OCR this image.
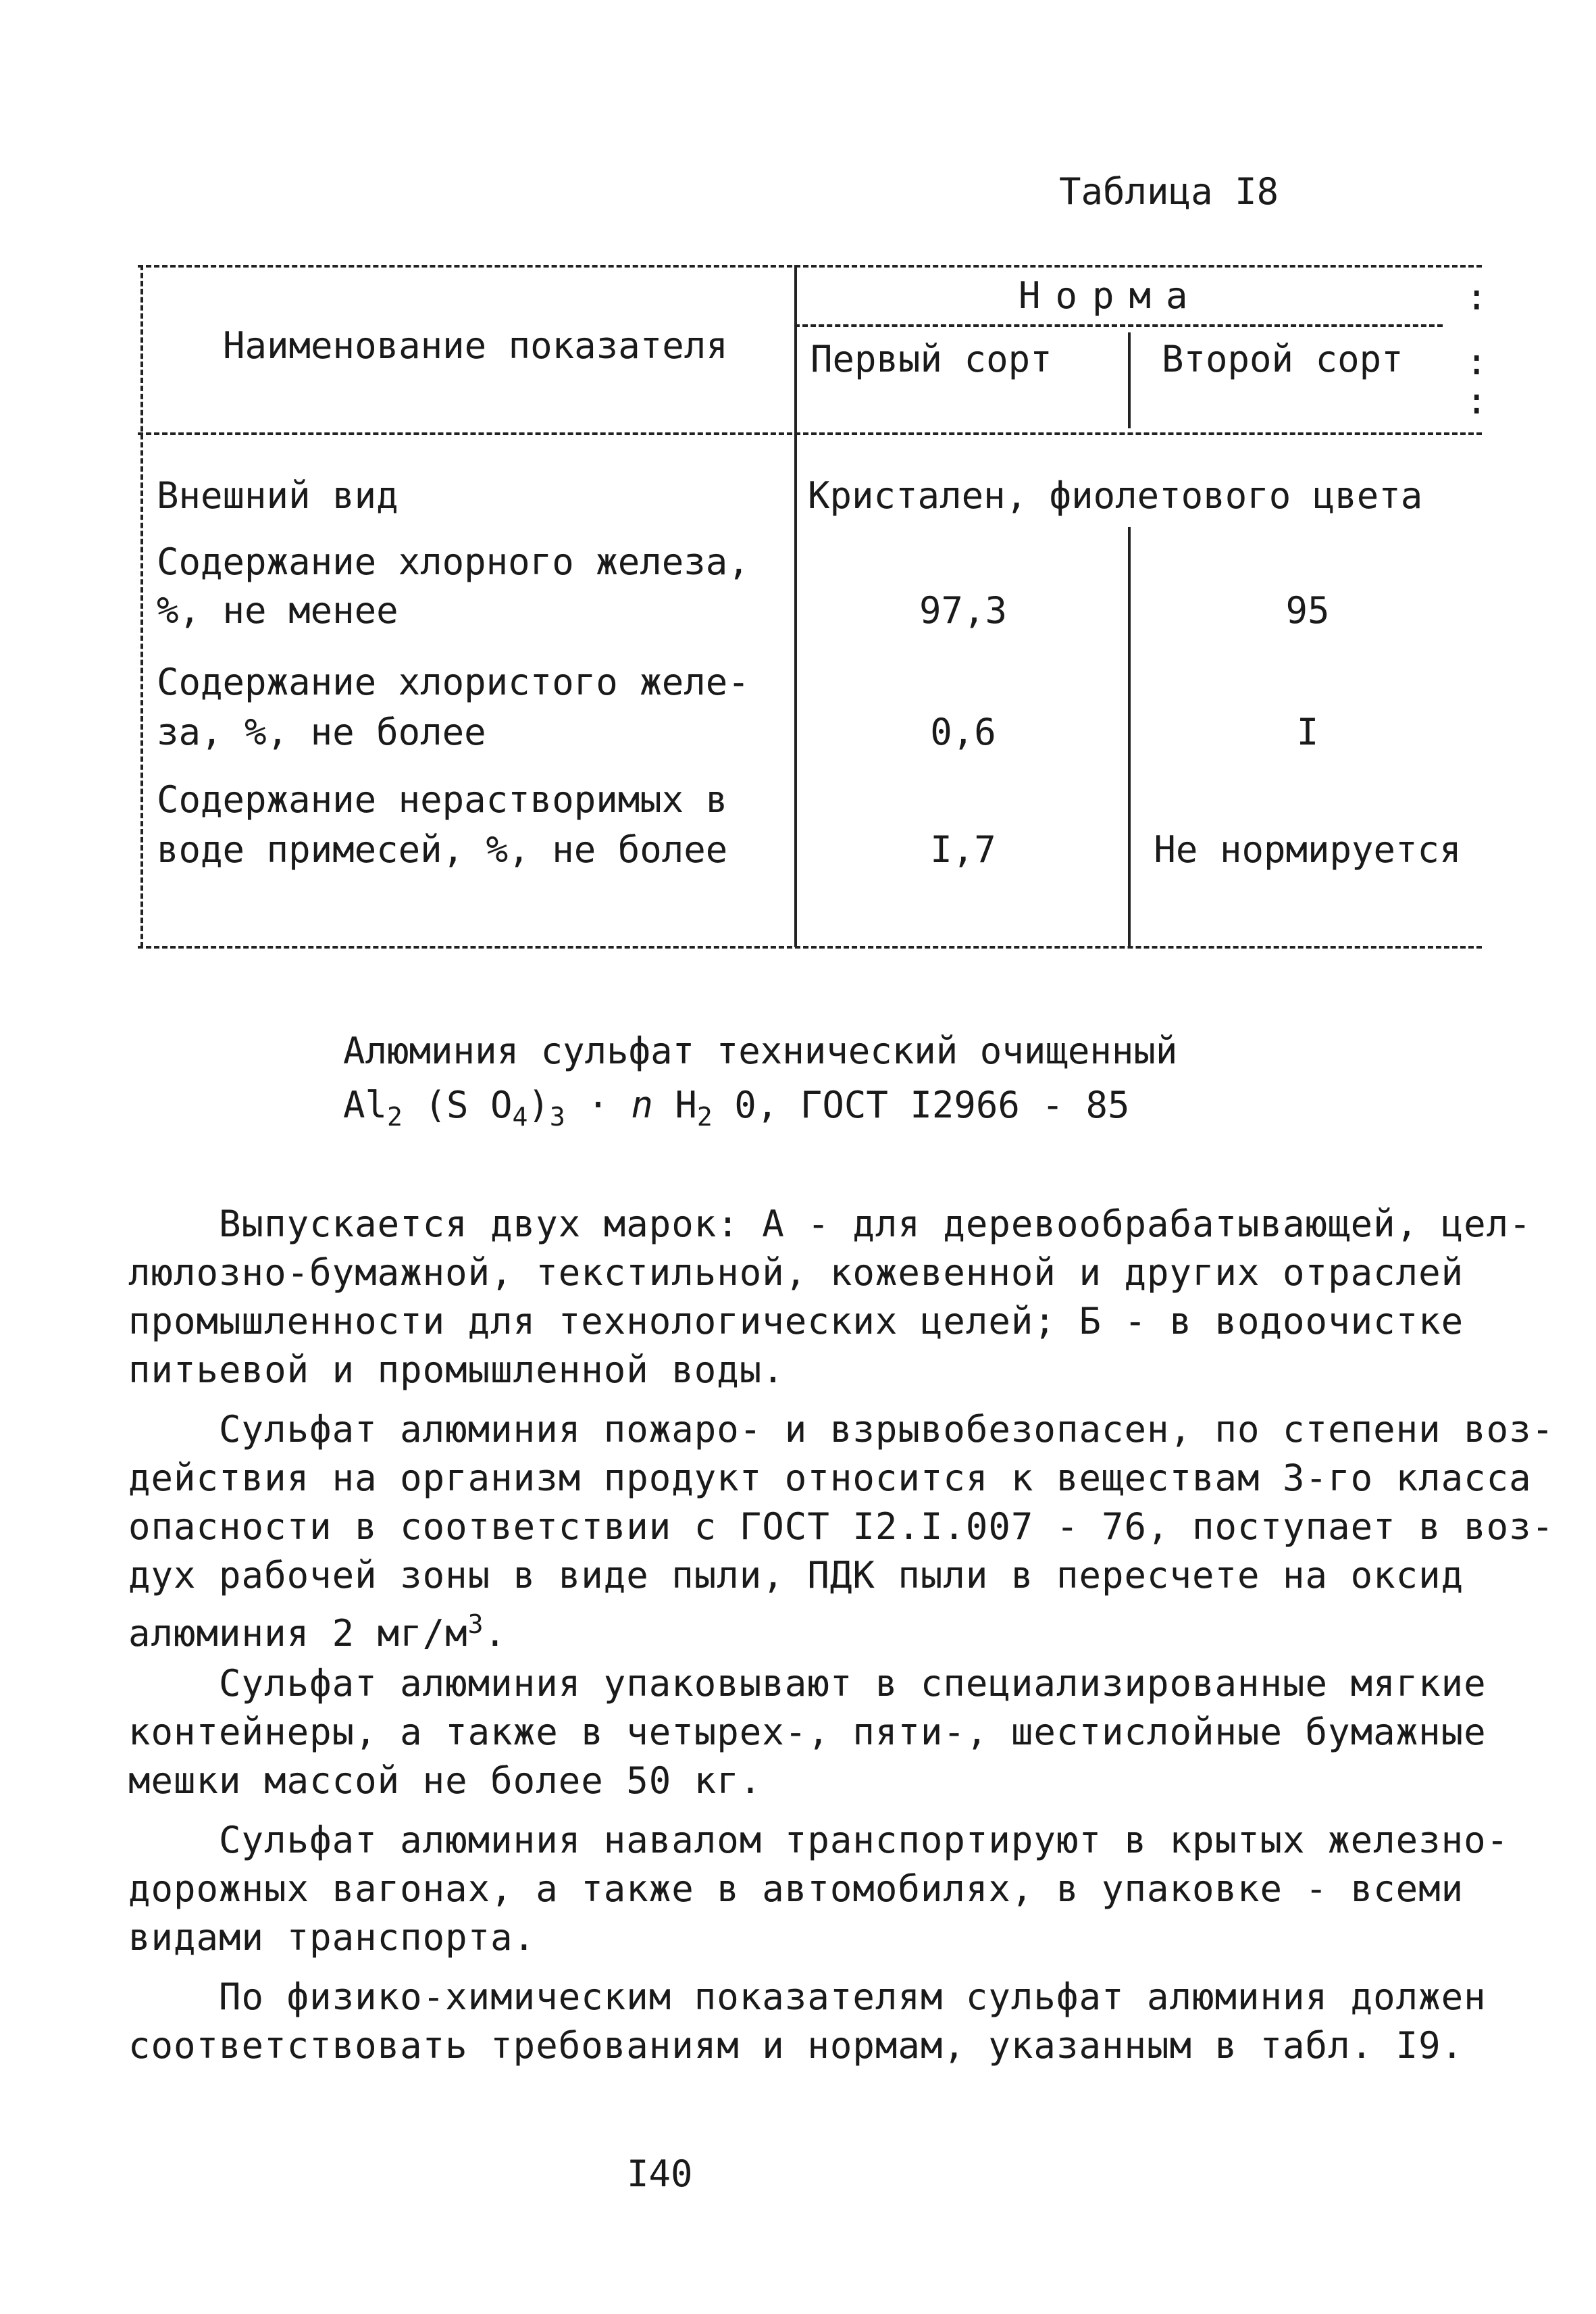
Таблица I8
Наименование показателя
Норма
Первый сорт	Второй сорт
:
:
:
Внешний вид	Кристален, фиолетового цвета
Содержание хлорного железа,
%, не менее	97,3	95
Содержание хлористого желе-
за, %, не более	0,6	I
Содержание нерастворимых в
воде примесей, %, не более	I,7	Не нормируется
Алюминия сульфат технический очищенный
$Al_2$ (S $O_4)_3 \cdot n$ $H_2$ 0, ГОСТ I2966 - 85
Выпускается двух марок: А - для деревообрабатывающей, цел-
люлозно-бумажной, текстильной, кожевенной и других отраслей
промышленности для технологических целей; Б - в водоочистке
питьевой и промышленной воды.
Сульфат алюминия пожаро- и взрывобезопасен, по степени воз-
действия на организм продукт относится к веществам 3-го класса
опасности в соответствии с ГОСТ I2.I.007 - 76, поступает в воз-
дух рабочей зоны в виде пыли, ПДК пыли в пересчете на оксид
алюминия 2 $мг/м^3$.
Сульфат алюминия упаковывают в специализированные мягкие
контейнеры, а также в четырех-, пяти-, шестислойные бумажные
мешки массой не более 50 кг.
Сульфат алюминия навалом транспортируют в крытых железно-
дорожных вагонах, а также в автомобилях, в упаковке - всеми
видами транспорта.
По физико-химическим показателям сульфат алюминия должен
соответствовать требованиям и нормам, указанным в табл. I9.
I40
